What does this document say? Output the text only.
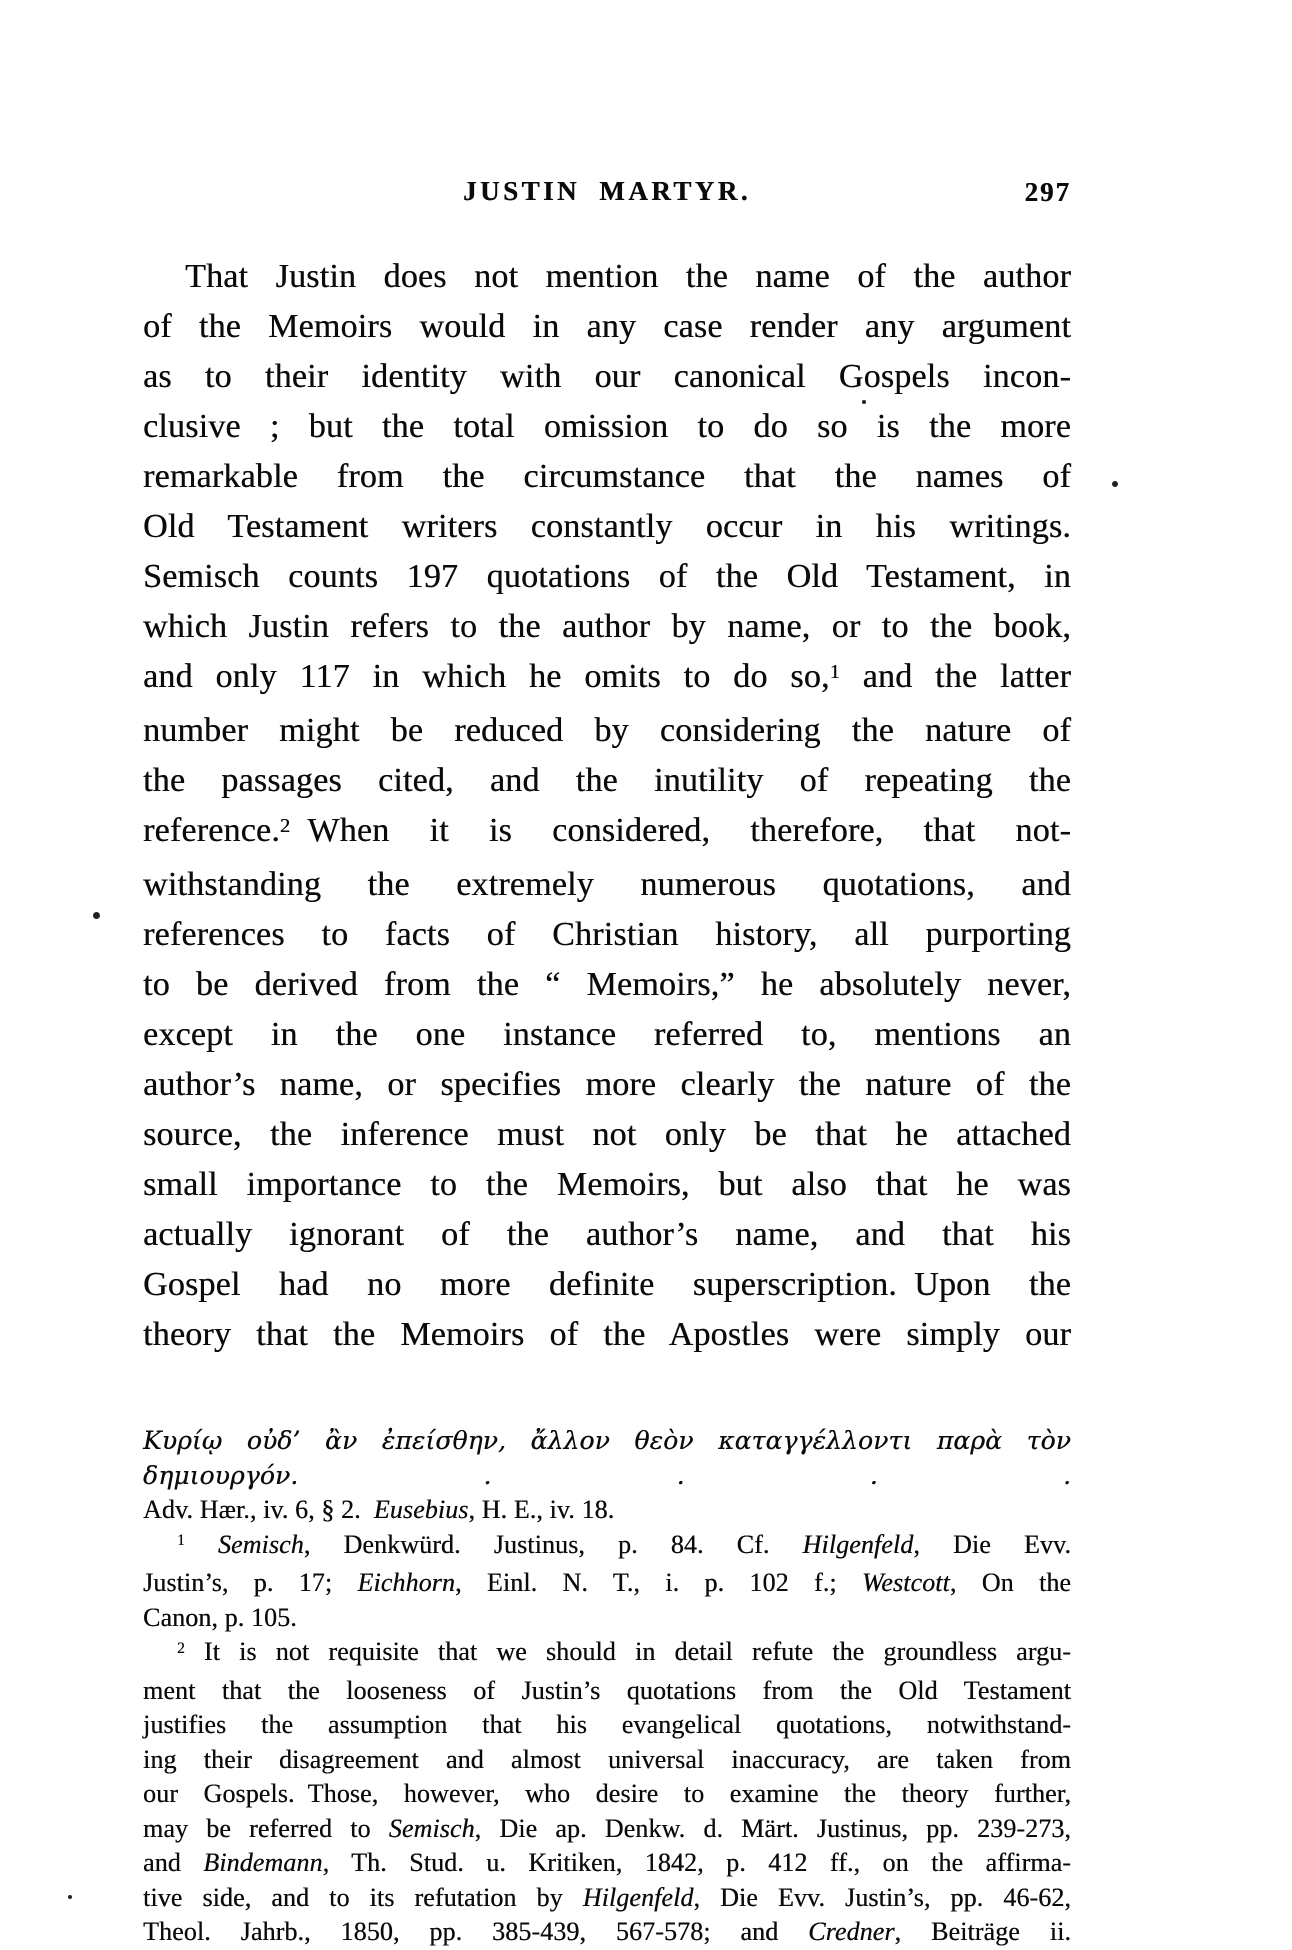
JUSTIN MARTYR.	297
That Justin does not mention the name of the author
of the Memoirs would in any case render any argument
as to their identity with our canonical Gospels incon-
clusive ; but the total omission to do so is the more
remarkable from the circumstance that the names of
Old Testament writers constantly occur in his writings.
Semisch counts 197 quotations of the Old Testament, in
which Justin refers to the author by name, or to the book,
and only 117 in which he omits to do so,$^1$ and the latter
number might be reduced by considering the nature of
the passages cited, and the inutility of repeating the
reference.$^2$ When it is considered, therefore, that not-
withstanding the extremely numerous quotations, and
references to facts of Christian history, all purporting
to be derived from the “ Memoirs,” he absolutely never,
except in the one instance referred to, mentions an
author’s name, or specifies more clearly the nature of the
source, the inference must not only be that he attached
small importance to the Memoirs, but also that he was
actually ignorant of the author’s name, and that his
Gospel had no more definite superscription. Upon the
theory that the Memoirs of the Apostles were simply our
Κυρίῳ οὐδ’ ἂν ἐπείσθην, ἄλλον θεὸν καταγγέλλοντι παρὰ τὸν δημιουργόν. . . . .
Adv. Hær., iv. 6, § 2. Eusebius, H. E., iv. 18.
$^1$ Semisch, Denkwürd. Justinus, p. 84. Cf. Hilgenfeld, Die Evv.
Justin’s, p. 17; Eichhorn, Einl. N. T., i. p. 102 f.; Westcott, On the
Canon, p. 105.
$^2$ It is not requisite that we should in detail refute the groundless argu-
ment that the looseness of Justin’s quotations from the Old Testament
justifies the assumption that his evangelical quotations, notwithstand-
ing their disagreement and almost universal inaccuracy, are taken from
our Gospels. Those, however, who desire to examine the theory further,
may be referred to Semisch, Die ap. Denkw. d. Märt. Justinus, pp. 239-273,
and Bindemann, Th. Stud. u. Kritiken, 1842, p. 412 ff., on the affirma-
tive side, and to its refutation by Hilgenfeld, Die Evv. Justin’s, pp. 46-62,
Theol. Jahrb., 1850, pp. 385-439, 567-578; and Credner, Beiträge ii.
